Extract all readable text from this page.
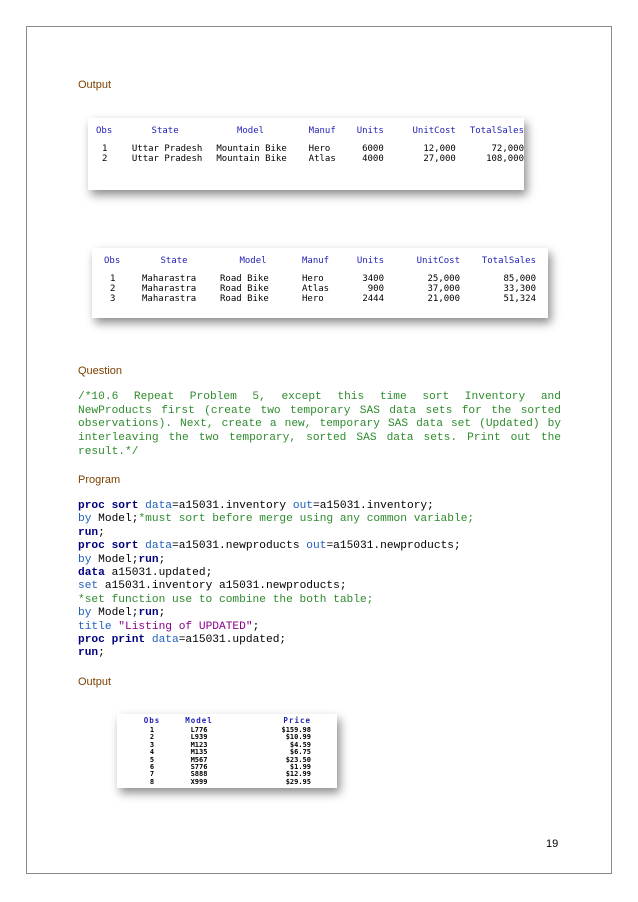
Output

Obs	State	Model	Manuf	Units	UnitCost	TotalSales
1	Uttar Pradesh	Mountain Bike	Hero	6000	12,000	72,000
2	Uttar Pradesh	Mountain Bike	Atlas	4000	27,000	108,000

Obs	State	Model	Manuf	Units	UnitCost	TotalSales
1	Maharastra	Road Bike	Hero	3400	25,000	85,000
2	Maharastra	Road Bike	Atlas	900	37,000	33,300
3	Maharastra	Road Bike	Hero	2444	21,000	51,324

Question
/*10.6 Repeat Problem 5, except this time sort Inventory and NewProducts first (create two temporary SAS data sets for the sorted observations). Next, create a new, temporary SAS data set (Updated) by interleaving the two temporary, sorted SAS data sets. Print out the result.*/
Program
proc sort data=a15031.inventory out=a15031.inventory;
by Model;*must sort before merge using any common variable;
run;
proc sort data=a15031.newproducts out=a15031.newproducts;
by Model;run;
data a15031.updated;
set a15031.inventory a15031.newproducts;
*set function use to combine the both table;
by Model;run;
title "Listing of UPDATED";
proc print data=a15031.updated;
run;
Output
Obs	Model	Price
1	L776	$159.98
2	L939	$10.99
3	M123	$4.59
4	M135	$6.75
5	M567	$23.50
6	S776	$1.99
7	S888	$12.99
8	X999	$29.95
19
